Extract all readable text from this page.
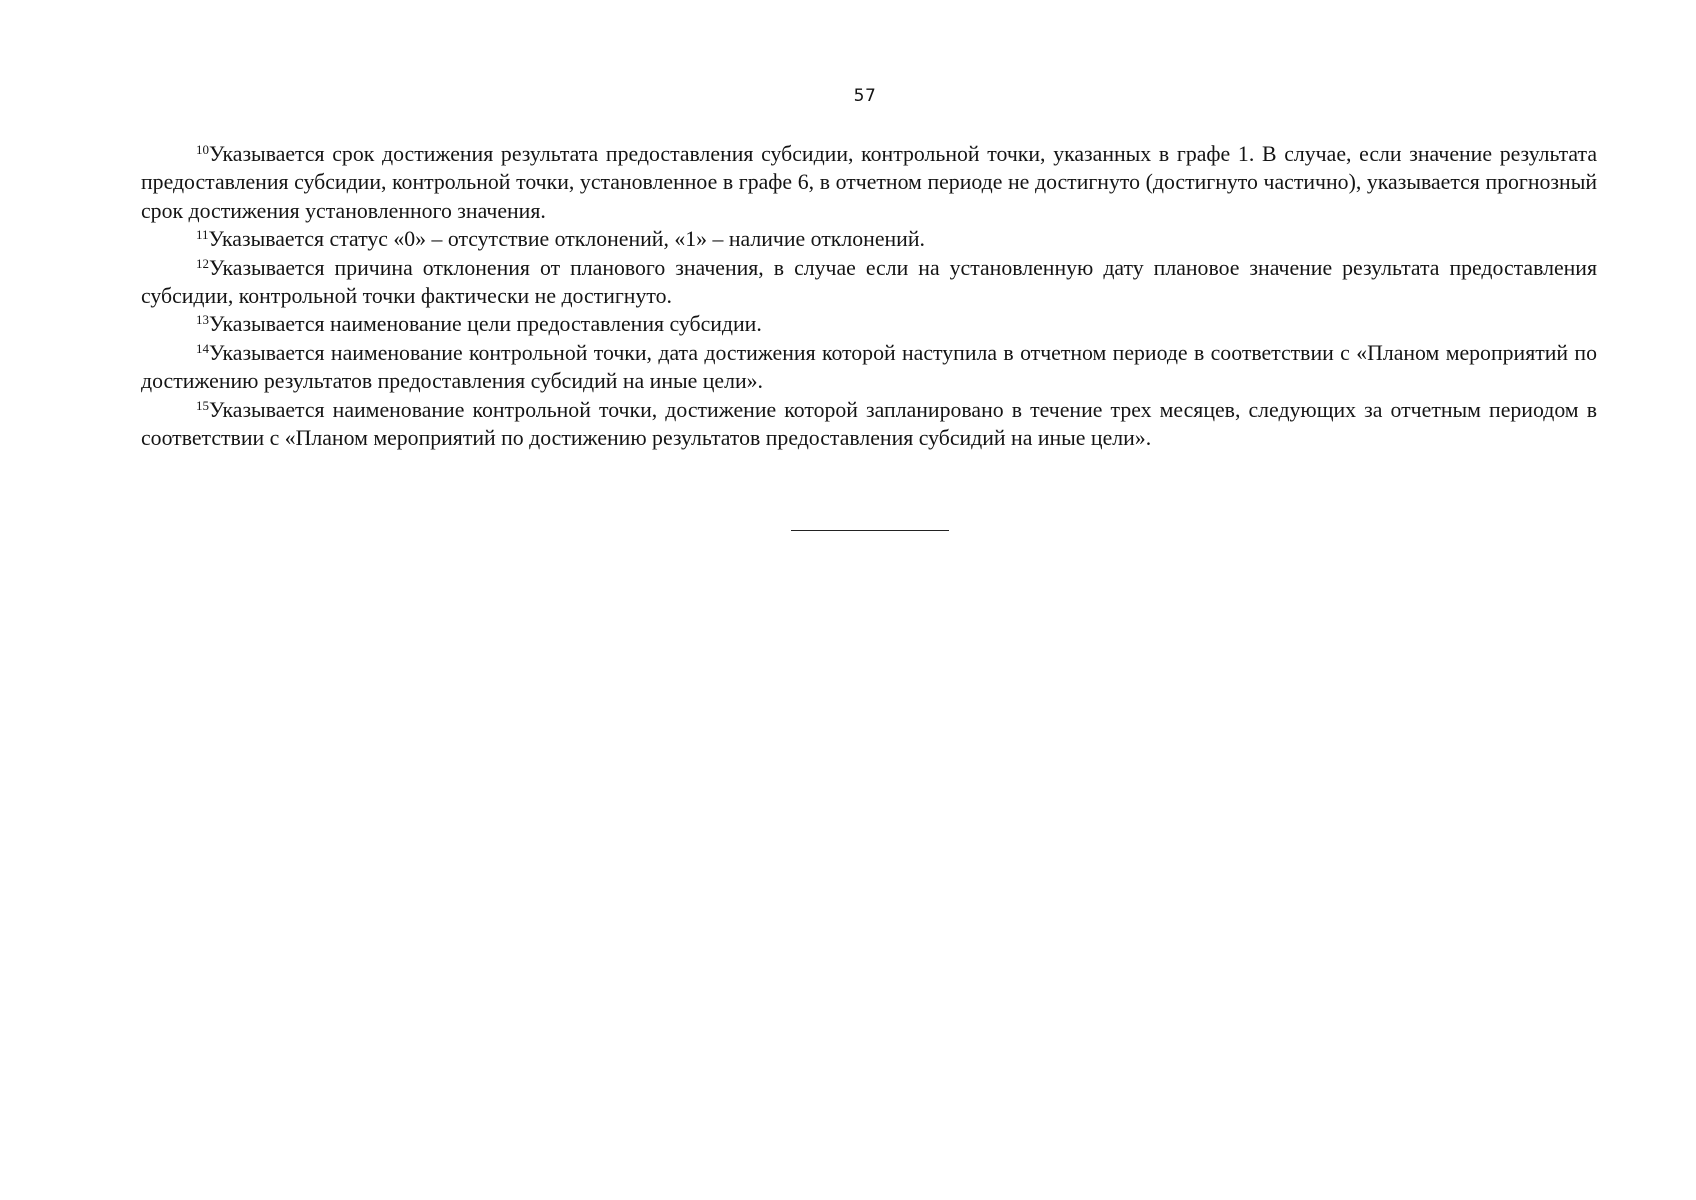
57

$^{10}$Указывается срок достижения результата предоставления субсидии, контрольной точки, указанных в графе 1. В случае, если значение результата предоставления субсидии, контрольной точки, установленное в графе 6, в отчетном периоде не достигнуто (достигнуто частично), указывается прогнозный срок достижения установленного значения.

$^{11}$Указывается статус «0» – отсутствие отклонений, «1» – наличие отклонений.

$^{12}$Указывается причина отклонения от планового значения, в случае если на установленную дату плановое значение результата предоставления субсидии, контрольной точки фактически не достигнуто.

$^{13}$Указывается наименование цели предоставления субсидии.

$^{14}$Указывается наименование контрольной точки, дата достижения которой наступила в отчетном периоде в соответствии с «Планом мероприятий по достижению результатов предоставления субсидий на иные цели».

$^{15}$Указывается наименование контрольной точки, достижение которой запланировано в течение трех месяцев, следующих за отчетным периодом в соответствии с «Планом мероприятий по достижению результатов предоставления субсидий на иные цели».
